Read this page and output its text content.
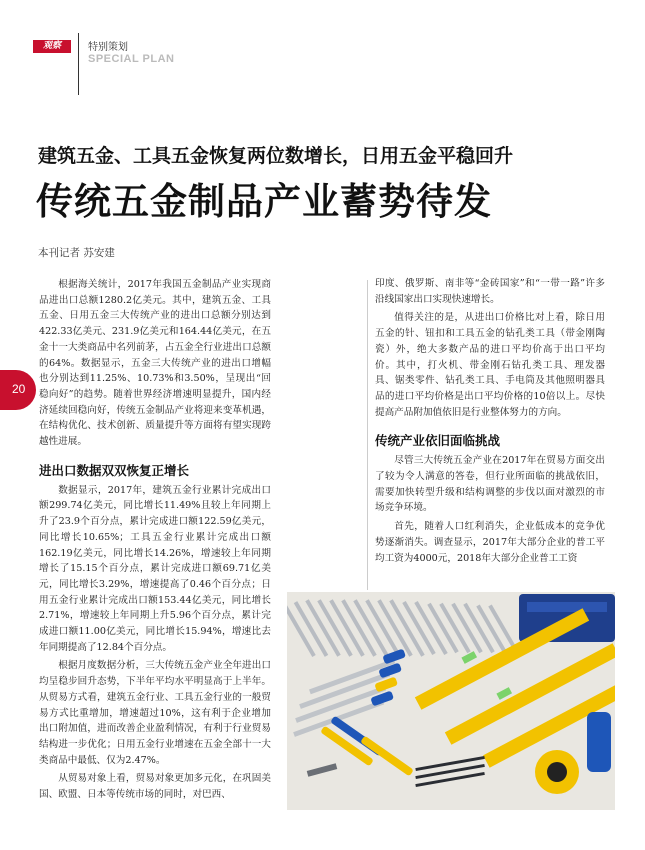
观察	特别策划
SPECIAL PLAN
建筑五金、工具五金恢复两位数增长，日用五金平稳回升
传统五金制品产业蓄势待发
本刊记者 苏安建
20

根据海关统计，2017年我国五金制品产业实现商品进出口总额1280.2亿美元。其中，建筑五金、工具五金、日用五金三大传统产业的进出口总额分别达到422.33亿美元、231.9亿美元和164.44亿美元，在五金十一大类商品中名列前茅，占五金全行业进出口总额的64%。数据显示，五金三大传统产业的进出口增幅也分别达到11.25%、10.73%和3.50%，呈现出“回稳向好”的趋势。随着世界经济增速明显提升，国内经济延续回稳向好，传统五金制品产业将迎来变革机遇，在结构优化、技术创新、质量提升等方面将有望实现跨越性进展。

进出口数据双双恢复正增长

数据显示，2017年，建筑五金行业累计完成出口额299.74亿美元，同比增长11.49%且较上年同期上升了23.9个百分点，累计完成进口额122.59亿美元，同比增长10.65%；工具五金行业累计完成出口额162.19亿美元，同比增长14.26%，增速较上年同期增长了15.15个百分点，累计完成进口额69.71亿美元，同比增长3.29%，增速提高了0.46个百分点；日用五金行业累计完成出口额153.44亿美元，同比增长2.71%，增速较上年同期上升5.96个百分点，累计完成进口额11.00亿美元，同比增长15.94%，增速比去年同期提高了12.84个百分点。

根据月度数据分析，三大传统五金产业全年进出口均呈稳步回升态势，下半年平均水平明显高于上半年。从贸易方式看，建筑五金行业、工具五金行业的一般贸易方式比重增加，增速超过10%，这有利于企业增加出口附加值，进而改善企业盈利情况，有利于行业贸易结构进一步优化；日用五金行业增速在五金全部十一大类商品中最低、仅为2.47%。

从贸易对象上看，贸易对象更加多元化，在巩固美国、欧盟、日本等传统市场的同时，对巴西、

印度、俄罗斯、南非等“金砖国家”和“一带一路”许多沿线国家出口实现快速增长。

值得关注的是，从进出口价格比对上看，除日用五金的针、钮扣和工具五金的钻孔类工具（带金刚陶瓷）外，绝大多数产品的进口平均价高于出口平均价。其中，打火机、带金刚石钻孔类工具、理发器具、锯类零件、钻孔类工具、手电筒及其他照明器具品的进口平均价格是出口平均价格的10倍以上。尽快提高产品附加值依旧是行业整体努力的方向。

传统产业依旧面临挑战

尽管三大传统五金产业在2017年在贸易方面交出了较为令人满意的答卷，但行业所面临的挑战依旧，需要加快转型升级和结构调整的步伐以面对激烈的市场竞争环境。

首先，随着人口红利消失，企业低成本的竞争优势逐渐消失。调查显示，2017年大部分企业的普工平均工资为4000元，2018年大部分企业普工工资
